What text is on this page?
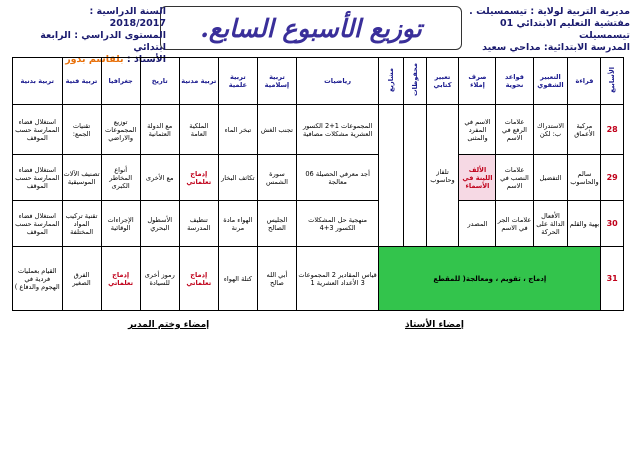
مديرية التربية لولاية : تيسمسيلت .
مفتشية التعليم الابتدائي 01 تيسمسيلت
المدرسة الابتدائية: مداحي سعيد
توزيع الأسبوع السابع.
السنة الدراسية : 2018/2017
المستوى الدراسي : الرابعة ابتدائي
الأستاذ : بلقاسم بدور
الأسابيع	قراءة	التعبير الشفوي	قواعد نحوية	صرف إملاء	تعبير كتابي	محفوظات	مشاريع	رياضيات	تربية إسلامية	تربية علمية	تربية مدنية	تاريخ	جغرافيا	تربية فنية	تربية بدنية
28	مركبة الأعماق	الاستدراك ب: لكن	علامات الرفع في الاسم	الاسم في المفرد والمثنى	تلفاز وحاسوب			المجموعات 1+2 الكسور العشرية مشكلات مصافية	تجنب الغش	تبخر الماء	الملكية العامة	مع الدولة العثمانية	توزيع المجموعات والاراضي	تقنيات الجمع:	استغلال فضاء الممارسة حسب الموقف
29	سالم والحاسوب	التفضيل	علامات النصب في الاسم	الألف اللينة في الأسماء				أجد معرفي الحصيلة 06 معالجة	سورة الشمس	تكاثف البخار	إدماج تعلماتي	مع الأخرى	أنواع المخاطر الكبرى	تصنيف الآلات الموسيقية	استغلال فضاء الممارسة حسب الموقف
30	بهية والقلم	الأفعال الدالة على الحركة	علامات الجر في الاسم	المصدر				منهجية حل المشكلات الكسور 3+4	الجليس الصالح	الهواء مادة مرنة	تنظيف المدرسة	الأسطول البحري	الإجراءات الوقائية	تقنية تركيب المواد المختلفة	استغلال فضاء الممارسة حسب الموقف
31	إدماج ، تقويم ، ومعالجة( للمقطع							قياس المقادير 2 المجموعات 3 الأعداد العشرية 1	أبي الله صالح	كتلة الهواء	إدماج تعلماتي	رموز أخرى للسيادة	إدماج تعلماتي	الفرق الصغير	القيام بعمليات فردية في الهجوم والدفاع )
إمضاء الأستاذ
إمضاء وختم المدير
